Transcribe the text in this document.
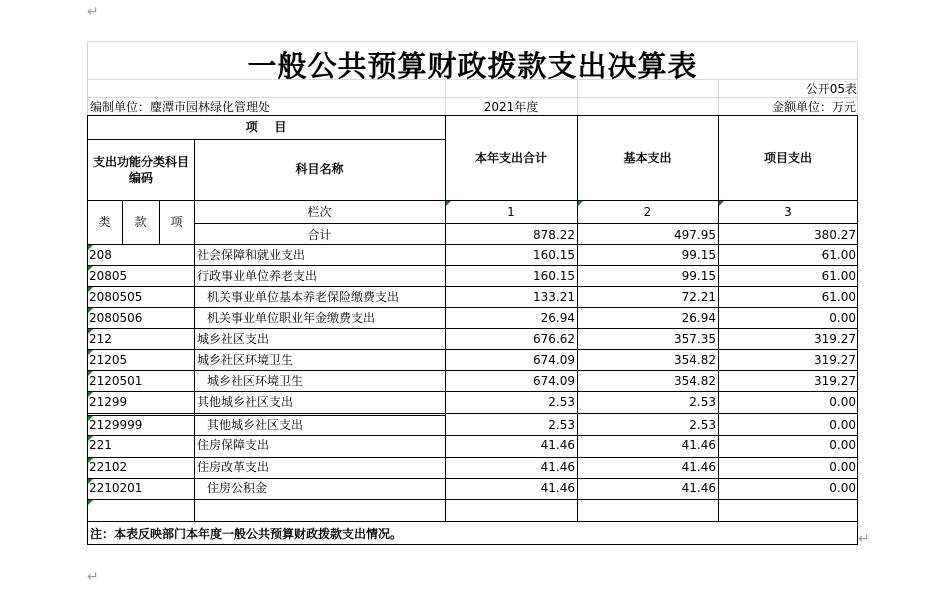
↵
↵
↵
一般公共预算财政拨款支出决算表
公开05表
编制单位： 麈潭市园林绿化管理处	2021年度	金额单位：万元
项    目
支出功能分类科目编码
科目名称
本年支出合计	基本支出	项目支出
类	款	项
栏次	1	2	3
合计	878.22	497.95	380.27
208	社会保障和就业支出	160.15	99.15	61.00
20805	行政事业单位养老支出	160.15	99.15	61.00
2080505	机关事业单位基本养老保险缴费支出	133.21	72.21	61.00
2080506	机关事业单位职业年金缴费支出	26.94	26.94	0.00
212	城乡社区支出	676.62	357.35	319.27
21205	城乡社区环境卫生	674.09	354.82	319.27
2120501	城乡社区环境卫生	674.09	354.82	319.27
21299	其他城乡社区支出	2.53	2.53	0.00
2129999	其他城乡社区支出	2.53	2.53	0.00
221	住房保障支出	41.46	41.46	0.00
22102	住房改革支出	41.46	41.46	0.00
2210201	住房公积金	41.46	41.46	0.00
注：本表反映部门本年度一般公共预算财政拨款支出情况。
